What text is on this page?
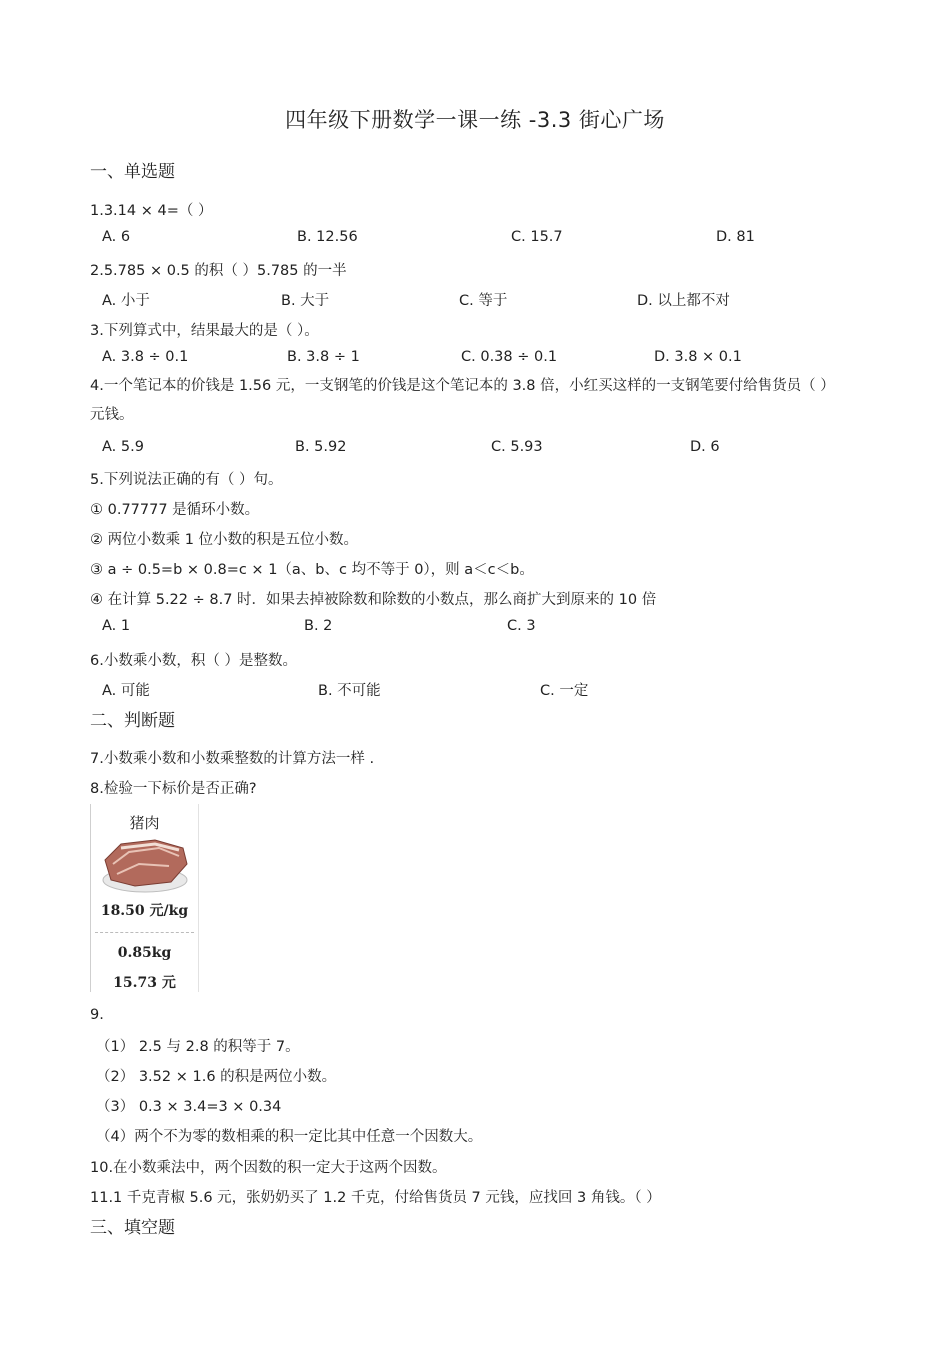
四年级下册数学一课一练 -3.3 街心广场
一、单选题
1.3.14 × 4=（ ）
A. 6	B. 12.56	C. 15.7	D. 81
2.5.785 × 0.5 的积（ ）5.785 的一半
A. 小于	B. 大于	C. 等于	D. 以上都不对
3.下列算式中，结果最大的是（ ）。
A. 3.8 ÷ 0.1	B. 3.8 ÷ 1	C. 0.38 ÷ 0.1	D. 3.8 × 0.1
4.一个笔记本的价钱是 1.56 元，一支钢笔的价钱是这个笔记本的 3.8 倍，小红买这样的一支钢笔要付给售货员（ ）元钱。
A. 5.9	B. 5.92	C. 5.93	D. 6
5.下列说法正确的有（ ）句。
① 0.77777 是循环小数。
② 两位小数乘 1 位小数的积是五位小数。
③ a ÷ 0.5=b × 0.8=c × 1（a、b、c 均不等于 0），则 a＜c＜b。
④ 在计算 5.22 ÷ 8.7 时．如果去掉被除数和除数的小数点，那么商扩大到原来的 10 倍
A. 1	B. 2	C. 3
6.小数乘小数，积（ ）是整数。
A. 可能	B. 不可能	C. 一定
二、判断题
7.小数乘小数和小数乘整数的计算方法一样 .
8.检验一下标价是否正确?
猪肉
18.50 元/kg
0.85kg
15.73 元
9.
（1） 2.5 与 2.8 的积等于 7。
（2） 3.52 × 1.6 的积是两位小数。
（3） 0.3 × 3.4=3 × 0.34
（4）两个不为零的数相乘的积一定比其中任意一个因数大。
10.在小数乘法中，两个因数的积一定大于这两个因数。
11.1 千克青椒 5.6 元，张奶奶买了 1.2 千克，付给售货员 7 元钱，应找回 3 角钱。（ ）
三、填空题
